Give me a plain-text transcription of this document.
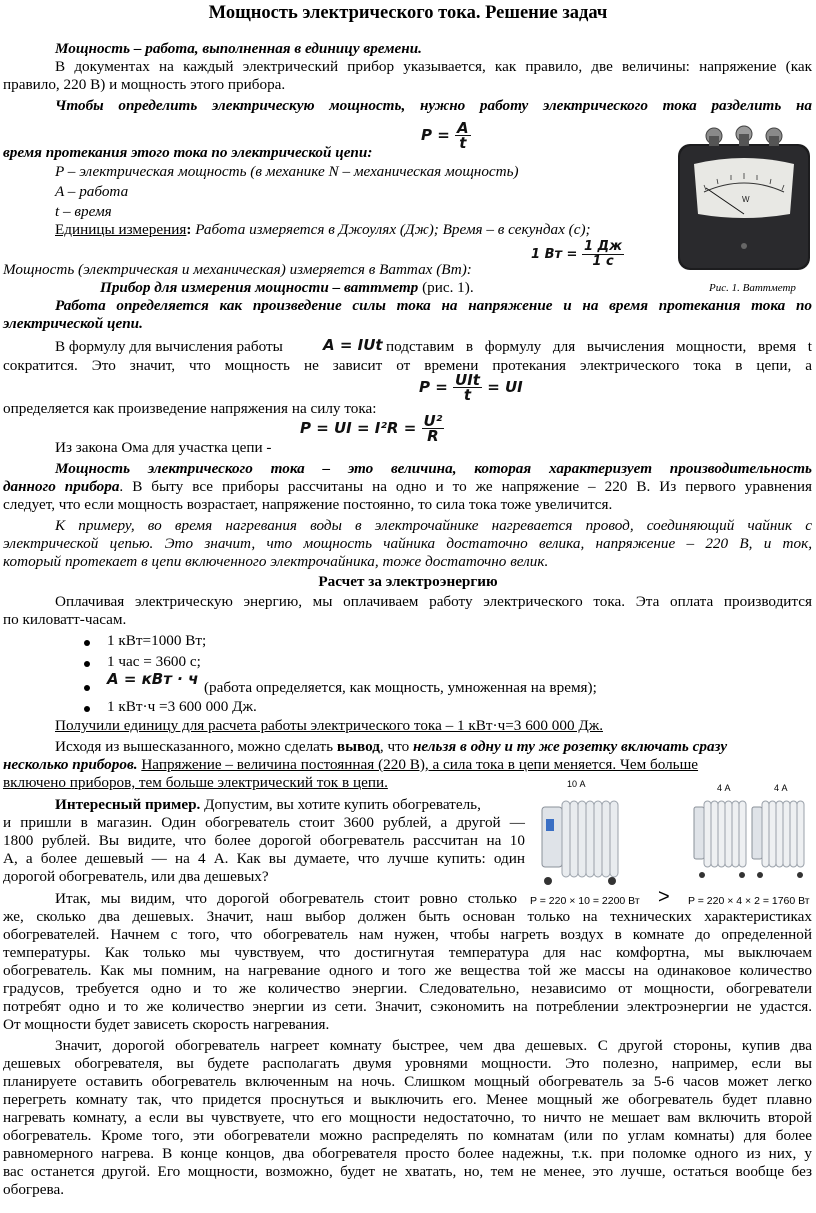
Мощность электрического тока. Решение задач
Мощность – работа, выполненная в единицу времени.
В документах на каждый электрический прибор указывается, как правило, две величины: напряжение (как
правило, 220 В) и мощность этого прибора.
Чтобы определить электрическую мощность, нужно работу электрического тока разделить на
время протекания этого тока по электрической цепи:
$P = \frac{A}{t}$
P – электрическая мощность (в механике N – механическая мощность)
A – работа
t – время
Единицы измерения: Работа измеряется в Джоулях (Дж); Время – в секундах (с);
Мощность (электрическая и механическая) измеряется в Ваттах (Вт):
1 Вт = $\frac{1 Дж}{1 с}$
Прибор для измерения мощности – ваттметр (рис. 1).
W
Рис. 1. Ваттметр
Работа определяется как произведение силы тока на напряжение и на время протекания тока по
электрической цепи.
В формулу для вычисления работы	A = IUt подставим в формулу для вычисления мощности, время t
сократится. Это значит, что мощность не зависит от времени протекания электрического тока в цепи, а
определяется как произведение напряжения на силу тока:
$P = \frac{\text{UIt}}{t}$ = UI
Из закона Ома для участка цепи -
P = UI = $I^2R = \frac{\text{U²}}{R}$
Мощность электрического тока – это величина, которая характеризует производительность
данного прибора. В быту все приборы рассчитаны на одно и то же напряжение – 220 В. Из первого уравнения
следует, что если мощность возрастает, напряжение постоянно, то сила тока тоже увеличится.
К примеру, во время нагревания воды в электрочайнике нагревается провод, соединяющий чайник с
электрической цепью. Это значит, что мощность чайника достаточно велика, напряжение – 220 В, и ток,
который протекает в цепи включенного электрочайника, тоже достаточно велик.
Расчет за электроэнергию
Оплачивая электрическую энергию, мы оплачиваем работу электрического тока. Эта оплата производится
по киловатт-часам.
1 кВт=1000 Вт;
1 час = 3600 с;
A = кВт · ч (работа определяется, как мощность, умноженная на время);
1 кВт·ч =3 600 000 Дж.
Получили единицу для расчета работы электрического тока – 1 кВт·ч=3 600 000 Дж.
Исходя из вышесказанного, можно сделать вывод, что нельзя в одну и ту же розетку включать сразу
несколько приборов. Напряжение – величина постоянная (220 В), а сила тока в цепи меняется. Чем больше
включено приборов, тем больше электрический ток в цепи.
Интересный пример. Допустим, вы хотите купить обогреватель,
и пришли в магазин. Один обогреватель стоит 3600 рублей, а другой —
1800 рублей. Вы видите, что более дорогой обогреватель рассчитан на 10
А, а более дешевый — на 4 А. Как вы думаете, что лучше купить: один
дорогой обогреватель, или два дешевых?
10 А	4 А	4 А
>
P = 220 × 10 = 2200 Вт	P = 220 × 4 × 2 = 1760 Вт
Итак, мы видим, что дорогой обогреватель стоит ровно столько
же, сколько два дешевых. Значит, наш выбор должен быть основан только на технических характеристиках
обогревателей. Начнем с того, что обогреватель нам нужен, чтобы нагреть воздух в комнате до определенной
температуры. Как только мы чувствуем, что достигнутая температура для нас комфортна, мы выключаем
обогреватель. Как мы помним, на нагревание одного и того же вещества той же массы на одинаковое количество
градусов, требуется одно и то же количество энергии. Следовательно, независимо от мощности, обогреватели
потребят одно и то же количество энергии из сети. Значит, сэкономить на потреблении электроэнергии не удастся.
От мощности будет зависеть скорость нагревания.
Значит, дорогой обогреватель нагреет комнату быстрее, чем два дешевых. С другой стороны, купив два
дешевых обогревателя, вы будете располагать двумя уровнями мощности. Это полезно, например, если вы
планируете оставить обогреватель включенным на ночь. Слишком мощный обогреватель за 5-6 часов может легко
перегреть комнату так, что придется проснуться и выключить его. Менее мощный же обогреватель будет плавно
нагревать комнату, а если вы чувствуете, что его мощности недостаточно, то ничто не мешает вам включить второй
обогреватель. Кроме того, эти обогреватели можно распределять по комнатам (или по углам комнаты) для более
равномерного нагрева. В конце концов, два обогревателя просто более надежны, т.к. при поломке одного из них, у
вас останется другой. Его мощности, возможно, будет не хватать, но, тем не менее, это лучше, остаться вообще без
обогрева.
